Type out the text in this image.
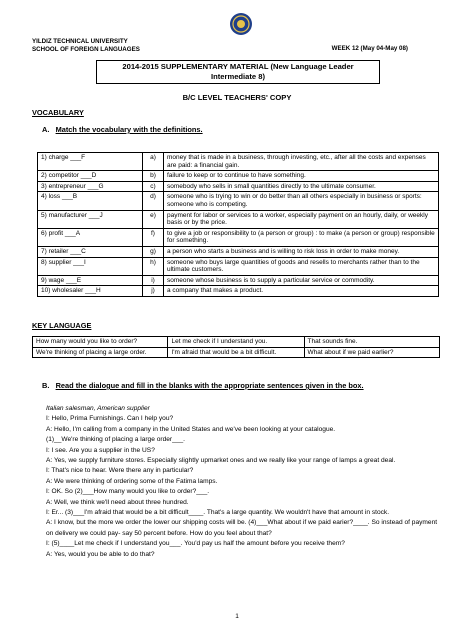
YILDIZ TECHNICAL UNIVERSITY
SCHOOL OF FOREIGN LANGUAGES	WEEK 12 (May 04-May 08)
2014-2015 SUPPLEMENTARY MATERIAL (New Language Leader Intermediate 8)
B/C LEVEL TEACHERS' COPY
VOCABULARY
A. Match the vocabulary with the definitions.
1) charge ___F	a)	money that is made in a business, through investing, etc., after all the costs and expenses are paid: a financial gain.
2) competitor ___D	b)	failure to keep or to continue to have something.
3) entrepreneur ___G	c)	somebody who sells in small quantities directly to the ultimate consumer.
4) loss ___B	d)	someone who is trying to win or do better than all others especially in business or sports: someone who is competing.
5) manufacturer ___J	e)	payment for labor or services to a worker, especially payment on an hourly, daily, or weekly basis or by the price.
6) profit ___A	f)	to give a job or responsibility to (a person or group) : to make (a person or group) responsible for something.
7) retailer ___C	g)	a person who starts a business and is willing to risk loss in order to make money.
8) supplier ___I	h)	someone who buys large quantities of goods and resells to merchants rather than to the ultimate customers.
9) wage ___E	i)	someone whose business is to supply a particular service or commodity.
10) wholesaler ___H	j)	a company that makes a product.
KEY LANGUAGE
How many would you like to order?	Let me check if I understand you.	That sounds fine.
We're thinking of placing a large order.	I'm afraid that would be a bit difficult.	What about if we paid earlier?
B. Read the dialogue and fill in the blanks with the appropriate sentences given in the box.

Italian salesman, American supplier

I: Hello, Prima Furnishings. Can I help you?

A: Hello, I'm calling from a company in the United States and we've been looking at your catalogue.

(1)__We're thinking of placing a large order___.

I: I see. Are you a supplier in the US?

A: Yes, we supply furniture stores. Especially slightly upmarket ones and we really like your range of lamps a great deal.

I: That's nice to hear. Were there any in particular?

A: We were thinking of ordering some of the Fatima lamps.

I: OK. So (2)___How many would you like to order?___.

A: Well, we think we'll need about three hundred.

I: Er... (3)___I'm afraid that would be a bit difficult____. That's a large quantity. We wouldn't have that amount in stock.

A: I know, but the more we order the lower our shipping costs will be. (4)___What about if we paid earier?____. So instead of payment on delivery we could pay- say 50 percent before. How do you feel about that?

I: (5)____Let me check if I understand you___. You'd pay us half the amount before you receive them?

A: Yes, would you be able to do that?

1
